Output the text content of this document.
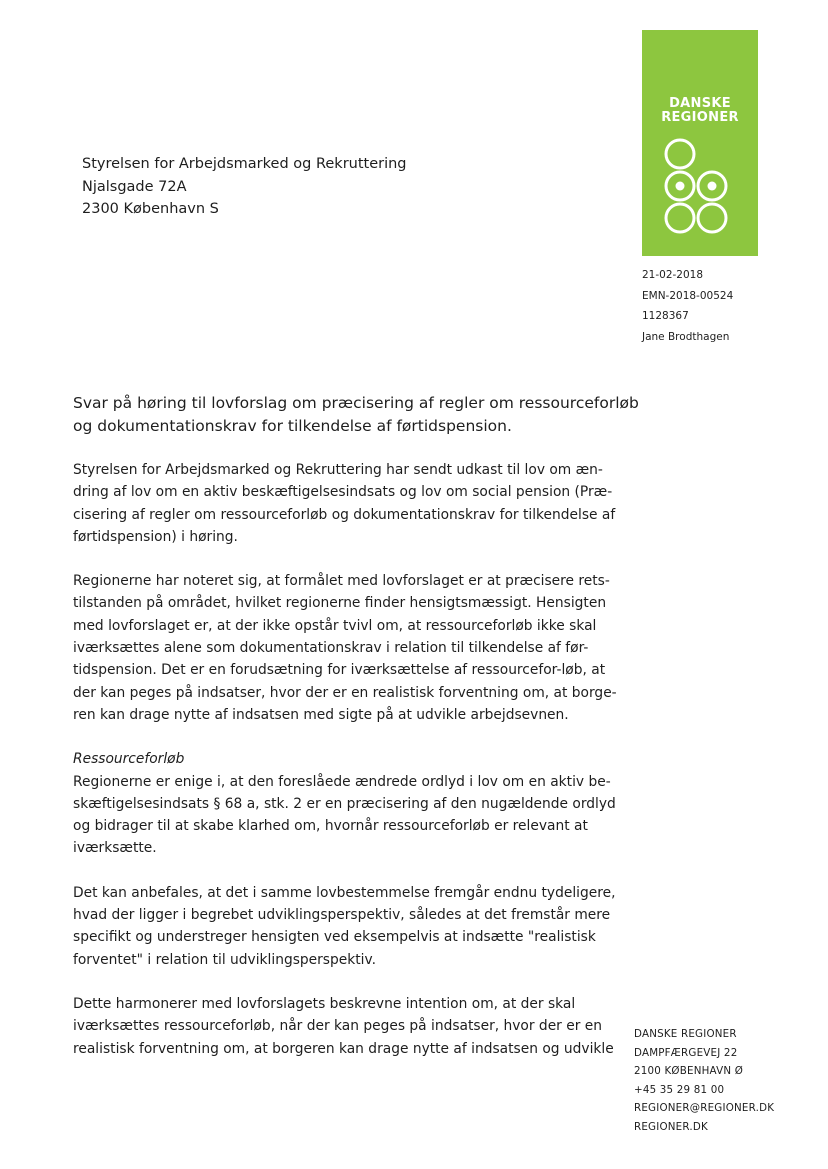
DANSKE
REGIONER
Styrelsen for Arbejdsmarked og Rekruttering
Njalsgade 72A
2300 København S
21-02-2018
EMN-2018-00524
1128367
Jane Brodthagen
Svar på høring til lovforslag om præcisering af regler om ressourceforløb
og dokumentationskrav for tilkendelse af førtidspension.
Styrelsen for Arbejdsmarked og Rekruttering har sendt udkast til lov om æn-
dring af lov om en aktiv beskæftigelsesindsats og lov om social pension (Præ-
cisering af regler om ressourceforløb og dokumentationskrav for tilkendelse af
førtidspension) i høring.
Regionerne har noteret sig, at formålet med lovforslaget er at præcisere rets-
tilstanden på området, hvilket regionerne finder hensigtsmæssigt. Hensigten
med lovforslaget er, at der ikke opstår tvivl om, at ressourceforløb ikke skal
iværksættes alene som dokumentationskrav i relation til tilkendelse af før-
tidspension. Det er en forudsætning for iværksættelse af ressourcefor-løb, at
der kan peges på indsatser, hvor der er en realistisk forventning om, at borge-
ren kan drage nytte af indsatsen med sigte på at udvikle arbejdsevnen.
Ressourceforløb
Regionerne er enige i, at den foreslåede ændrede ordlyd i lov om en aktiv be-
skæftigelsesindsats § 68 a, stk. 2 er en præcisering af den nugældende ordlyd
og bidrager til at skabe klarhed om, hvornår ressourceforløb er relevant at
iværksætte.
Det kan anbefales, at det i samme lovbestemmelse fremgår endnu tydeligere,
hvad der ligger i begrebet udviklingsperspektiv, således at det fremstår mere
specifikt og understreger hensigten ved eksempelvis at indsætte "realistisk
forventet" i relation til udviklingsperspektiv.
Dette harmonerer med lovforslagets beskrevne intention om, at der skal
iværksættes ressourceforløb, når der kan peges på indsatser, hvor der er en
realistisk forventning om, at borgeren kan drage nytte af indsatsen og udvikle
DANSKE REGIONER
DAMPFÆRGEVEJ 22
2100 KØBENHAVN Ø
+45 35 29 81 00
REGIONER@REGIONER.DK
REGIONER.DK
